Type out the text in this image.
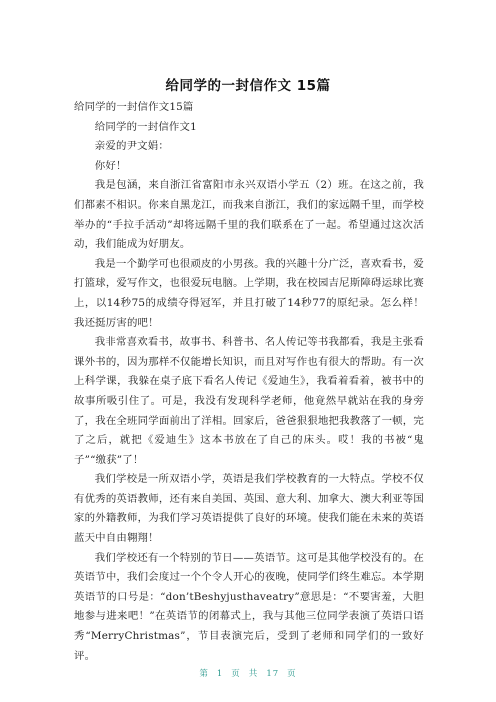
给同学的一封信作文 15篇

给同学的一封信作文15篇

给同学的一封信作文1

亲爱的尹文娟：

你好！

我是包涵，来自浙江省富阳市永兴双语小学五（2）班。在这之前，我们都素不相识。你来自黑龙江，而我来自浙江，我们的家远隔千里，而学校举办的“手拉手活动”却将远隔千里的我们联系在了一起。希望通过这次活动，我们能成为好朋友。

我是一个勤学可也很顽皮的小男孩。我的兴趣十分广泛，喜欢看书，爱打篮球，爱写作文，也很爱玩电脑。上学期，我在校园吉尼斯障碍运球比赛上，以14秒75的成绩夺得冠军，并且打破了14秒77的原纪录。怎么样！我还挺厉害的吧！

我非常喜欢看书，故事书、科普书、名人传记等书我都看，我是主张看课外书的，因为那样不仅能增长知识，而且对写作也有很大的帮助。有一次上科学课，我躲在桌子底下看名人传记《爱迪生》，我看着看着，被书中的故事所吸引住了。可是，我没有发现科学老师，他竟然早就站在我的身旁了，我在全班同学面前出了洋相。回家后，爸爸狠狠地把我教落了一顿，完了之后，就把《爱迪生》这本书放在了自己的床头。哎！我的书被“鬼子”“缴获”了！

我们学校是一所双语小学，英语是我们学校教育的一大特点。学校不仅有优秀的英语教师，还有来自美国、英国、意大利、加拿大、澳大利亚等国家的外籍教师，为我们学习英语提供了良好的环境。使我们能在未来的英语蓝天中自由翱翔！

我们学校还有一个特别的节日——英语节。这可是其他学校没有的。在英语节中，我们会度过一个个令人开心的夜晚，使同学们终生难忘。本学期英语节的口号是：“don’tBeshyjusthaveatry”意思是：“不要害羞，大胆地参与进来吧！”在英语节的闭幕式上，我与其他三位同学表演了英语口语秀“MerryChristmas”，节目表演完后，受到了老师和同学们的一致好评。

第 1 页 共 17 页
